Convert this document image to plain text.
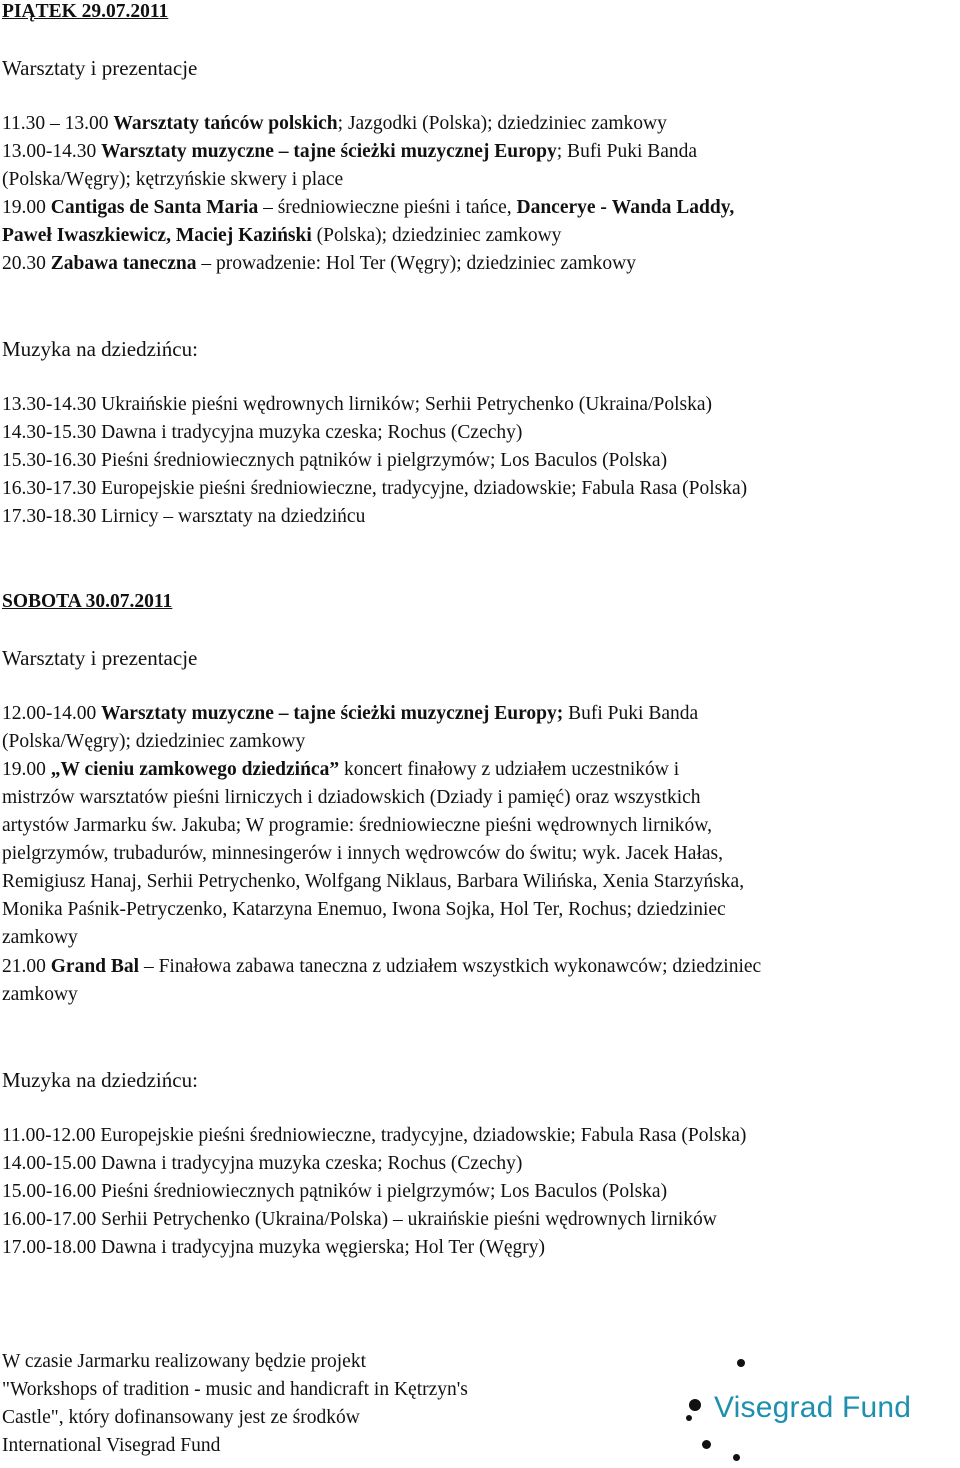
PIĄTEK 29.07.2011
Warsztaty i prezentacje
11.30 – 13.00 Warsztaty tańców polskich; Jazgodki (Polska); dziedziniec zamkowy
13.00-14.30 Warsztaty muzyczne – tajne ścieżki muzycznej Europy; Bufi Puki Banda
(Polska/Węgry); kętrzyńskie skwery i place
19.00 Cantigas de Santa Maria – średniowieczne pieśni i tańce, Danceryе - Wanda Laddy,
Paweł Iwaszkiewicz, Maciej Kaziński (Polska); dziedziniec zamkowy
20.30 Zabawa taneczna – prowadzenie: Hol Ter (Węgry); dziedziniec zamkowy
Muzyka na dziedzińcu:
13.30-14.30 Ukraińskie pieśni wędrownych lirników; Serhii Petrychenko (Ukraina/Polska)
14.30-15.30 Dawna i tradycyjna muzyka czeska; Rochus (Czechy)
15.30-16.30 Pieśni średniowiecznych pątników i pielgrzymów; Los Baculos (Polska)
16.30-17.30 Europejskie pieśni średniowieczne, tradycyjne, dziadowskie; Fabula Rasa (Polska)
17.30-18.30 Lirnicy – warsztaty na dziedzińcu
SOBOTA 30.07.2011
Warsztaty i prezentacje
12.00-14.00 Warsztaty muzyczne – tajne ścieżki muzycznej Europy; Bufi Puki Banda
(Polska/Węgry); dziedziniec zamkowy
19.00 „W cieniu zamkowego dziedzińca” koncert finałowy z udziałem uczestników i
mistrzów warsztatów pieśni lirniczych i dziadowskich (Dziady i pamięć) oraz wszystkich
artystów Jarmarku św. Jakuba; W programie: średniowieczne pieśni wędrownych lirników,
pielgrzymów, trubadurów, minnesingerów i innych wędrowców do świtu; wyk. Jacek Hałas,
Remigiusz Hanaj, Serhii Petrychenko, Wolfgang Niklaus, Barbara Wilińska, Xenia Starzyńska,
Monika Paśnik-Petryczenko, Katarzyna Enemuo, Iwona Sojka, Hol Ter, Rochus; dziedziniec
zamkowy
21.00 Grand Bal – Finałowa zabawa taneczna z udziałem wszystkich wykonawców; dziedziniec
zamkowy
Muzyka na dziedzińcu:
11.00-12.00 Europejskie pieśni średniowieczne, tradycyjne, dziadowskie; Fabula Rasa (Polska)
14.00-15.00 Dawna i tradycyjna muzyka czeska; Rochus (Czechy)
15.00-16.00 Pieśni średniowiecznych pątników i pielgrzymów; Los Baculos (Polska)
16.00-17.00 Serhii Petrychenko (Ukraina/Polska) – ukraińskie pieśni wędrownych lirników
17.00-18.00 Dawna i tradycyjna muzyka węgierska; Hol Ter (Węgry)
W czasie Jarmarku realizowany będzie projekt
"Workshops of tradition - music and handicraft in Kętrzyn's
Castle", który dofinansowany jest ze środków
International Visegrad Fund
Visegrad Fund
